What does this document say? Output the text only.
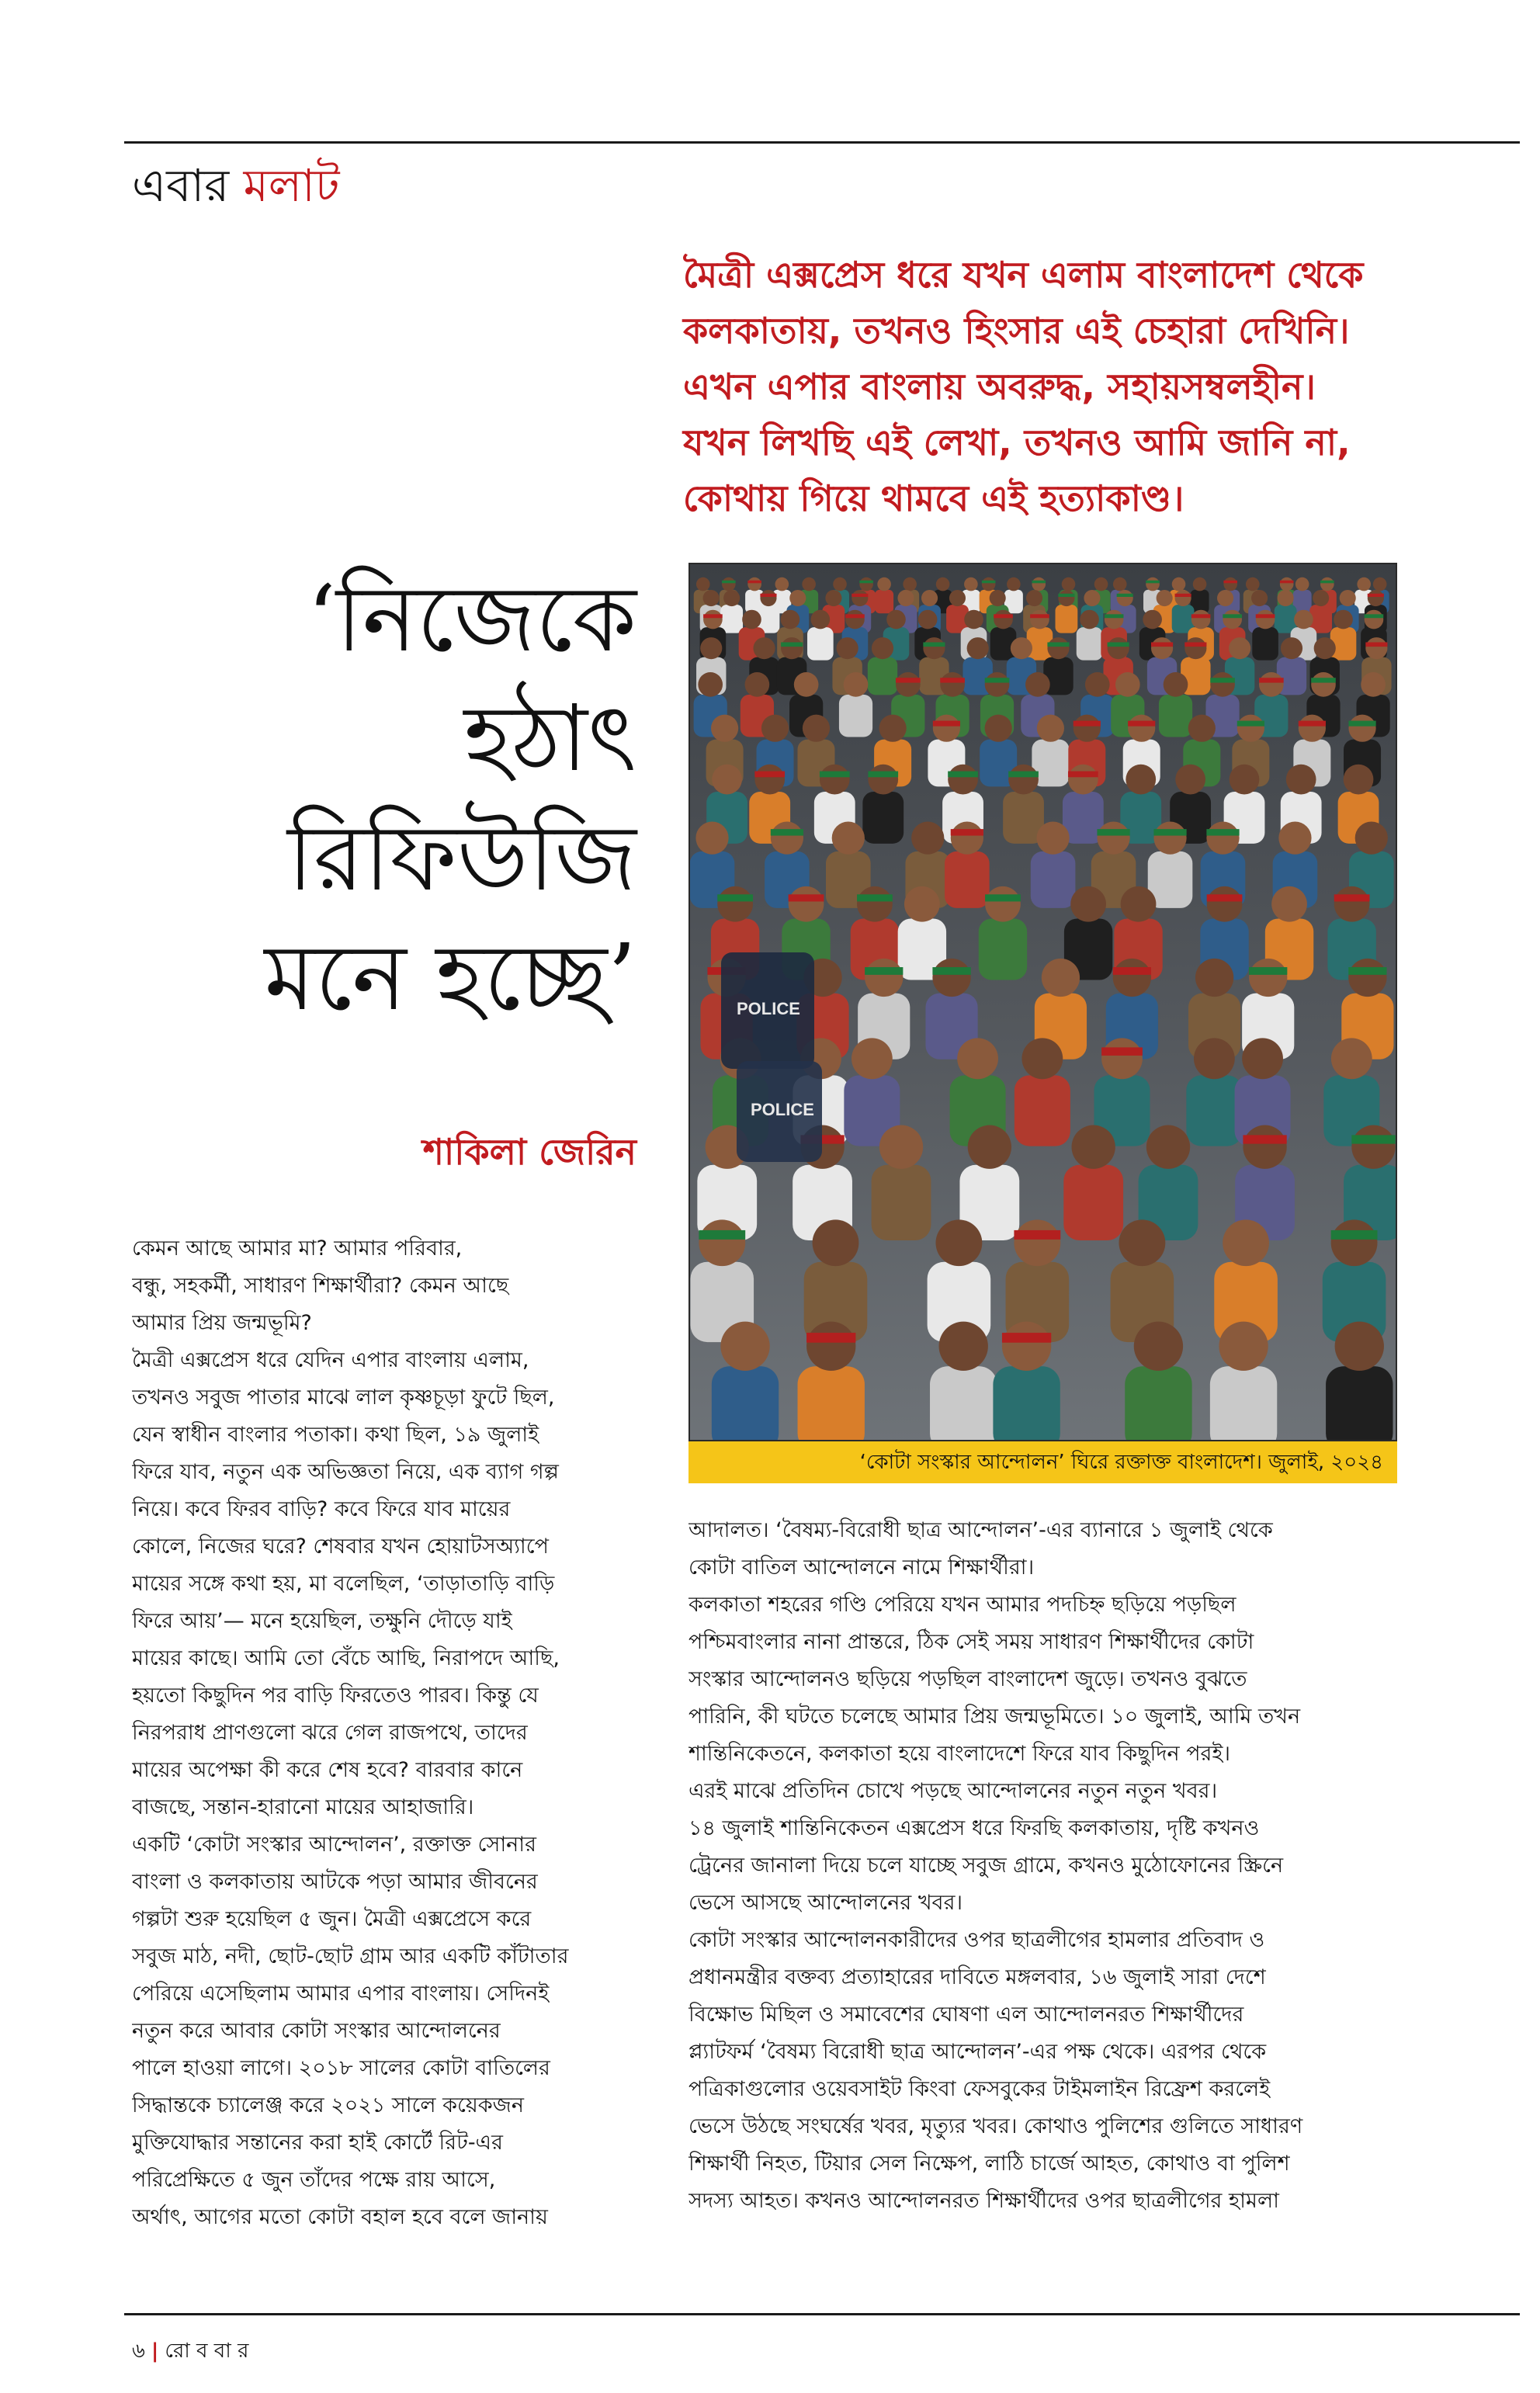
এবার মলাট
মৈত্রী এক্সপ্রেস ধরে যখন এলাম বাংলাদেশ থেকে
কলকাতায়, তখনও হিংসার এই চেহারা দেখিনি।
এখন এপার বাংলায় অবরুদ্ধ, সহায়সম্বলহীন।
যখন লিখছি এই লেখা, তখনও আমি জানি না,
কোথায় গিয়ে থামবে এই হত্যাকাণ্ড।
‘নিজেকে
হঠাৎ
রিফিউজি
মনে হচ্ছে’
শাকিলা জেরিন
POLICE
POLICE
‘কোটা সংস্কার আন্দোলন’ ঘিরে রক্তাক্ত বাংলাদেশ। জুলাই, ২০২৪
কেমন আছে আমার মা? আমার পরিবার,
বন্ধু, সহকর্মী, সাধারণ শিক্ষার্থীরা? কেমন আছে
আমার প্রিয় জন্মভূমি?
মৈত্রী এক্সপ্রেস ধরে যেদিন এপার বাংলায় এলাম,
তখনও সবুজ পাতার মাঝে লাল কৃষ্ণচূড়া ফুটে ছিল,
যেন স্বাধীন বাংলার পতাকা। কথা ছিল, ১৯ জুলাই
ফিরে যাব, নতুন এক অভিজ্ঞতা নিয়ে, এক ব্যাগ গল্প
নিয়ে। কবে ফিরব বাড়ি? কবে ফিরে যাব মায়ের
কোলে, নিজের ঘরে? শেষবার যখন হোয়াটসঅ্যাপে
মায়ের সঙ্গে কথা হয়, মা বলেছিল, ‘তাড়াতাড়ি বাড়ি
ফিরে আয়’— মনে হয়েছিল, তক্ষুনি দৌড়ে যাই
মায়ের কাছে। আমি তো বেঁচে আছি, নিরাপদে আছি,
হয়তো কিছুদিন পর বাড়ি ফিরতেও পারব। কিন্তু যে
নিরপরাধ প্রাণগুলো ঝরে গেল রাজপথে, তাদের
মায়ের অপেক্ষা কী করে শেষ হবে? বারবার কানে
বাজছে, সন্তান-হারানো মায়ের আহাজারি।
একটি ‘কোটা সংস্কার আন্দোলন’, রক্তাক্ত সোনার
বাংলা ও কলকাতায় আটকে পড়া আমার জীবনের
গল্পটা শুরু হয়েছিল ৫ জুন। মৈত্রী এক্সপ্রেসে করে
সবুজ মাঠ, নদী, ছোট-ছোট গ্রাম আর একটি কাঁটাতার
পেরিয়ে এসেছিলাম আমার এপার বাংলায়। সেদিনই
নতুন করে আবার কোটা সংস্কার আন্দোলনের
পালে হাওয়া লাগে। ২০১৮ সালের কোটা বাতিলের
সিদ্ধান্তকে চ্যালেঞ্জ করে ২০২১ সালে কয়েকজন
মুক্তিযোদ্ধার সন্তানের করা হাই কোর্টে রিট-এর
পরিপ্রেক্ষিতে ৫ জুন তাঁদের পক্ষে রায় আসে,
অর্থাৎ, আগের মতো কোটা বহাল হবে বলে জানায়
আদালত। ‘বৈষম্য-বিরোধী ছাত্র আন্দোলন’-এর ব্যানারে ১ জুলাই থেকে
কোটা বাতিল আন্দোলনে নামে শিক্ষার্থীরা।
কলকাতা শহরের গণ্ডি পেরিয়ে যখন আমার পদচিহ্ন ছড়িয়ে পড়ছিল
পশ্চিমবাংলার নানা প্রান্তরে, ঠিক সেই সময় সাধারণ শিক্ষার্থীদের কোটা
সংস্কার আন্দোলনও ছড়িয়ে পড়ছিল বাংলাদেশ জুড়ে। তখনও বুঝতে
পারিনি, কী ঘটতে চলেছে আমার প্রিয় জন্মভূমিতে। ১০ জুলাই, আমি তখন
শান্তিনিকেতনে, কলকাতা হয়ে বাংলাদেশে ফিরে যাব কিছুদিন পরই।
এরই মাঝে প্রতিদিন চোখে পড়ছে আন্দোলনের নতুন নতুন খবর।
১৪ জুলাই শান্তিনিকেতন এক্সপ্রেস ধরে ফিরছি কলকাতায়, দৃষ্টি কখনও
ট্রেনের জানালা দিয়ে চলে যাচ্ছে সবুজ গ্রামে, কখনও মুঠোফোনের স্ক্রিনে
ভেসে আসছে আন্দোলনের খবর।
কোটা সংস্কার আন্দোলনকারীদের ওপর ছাত্রলীগের হামলার প্রতিবাদ ও
প্রধানমন্ত্রীর বক্তব্য প্রত্যাহারের দাবিতে মঙ্গলবার, ১৬ জুলাই সারা দেশে
বিক্ষোভ মিছিল ও সমাবেশের ঘোষণা এল আন্দোলনরত শিক্ষার্থীদের
প্ল্যাটফর্ম ‘বৈষম্য বিরোধী ছাত্র আন্দোলন’-এর পক্ষ থেকে। এরপর থেকে
পত্রিকাগুলোর ওয়েবসাইট কিংবা ফেসবুকের টাইমলাইন রিফ্রেশ করলেই
ভেসে উঠছে সংঘর্ষের খবর, মৃত্যুর খবর। কোথাও পুলিশের গুলিতে সাধারণ
শিক্ষার্থী নিহত, টিয়ার সেল নিক্ষেপ, লাঠি চার্জে আহত, কোথাও বা পুলিশ
সদস্য আহত। কখনও আন্দোলনরত শিক্ষার্থীদের ওপর ছাত্রলীগের হামলা
৬ | রো ব বা র
